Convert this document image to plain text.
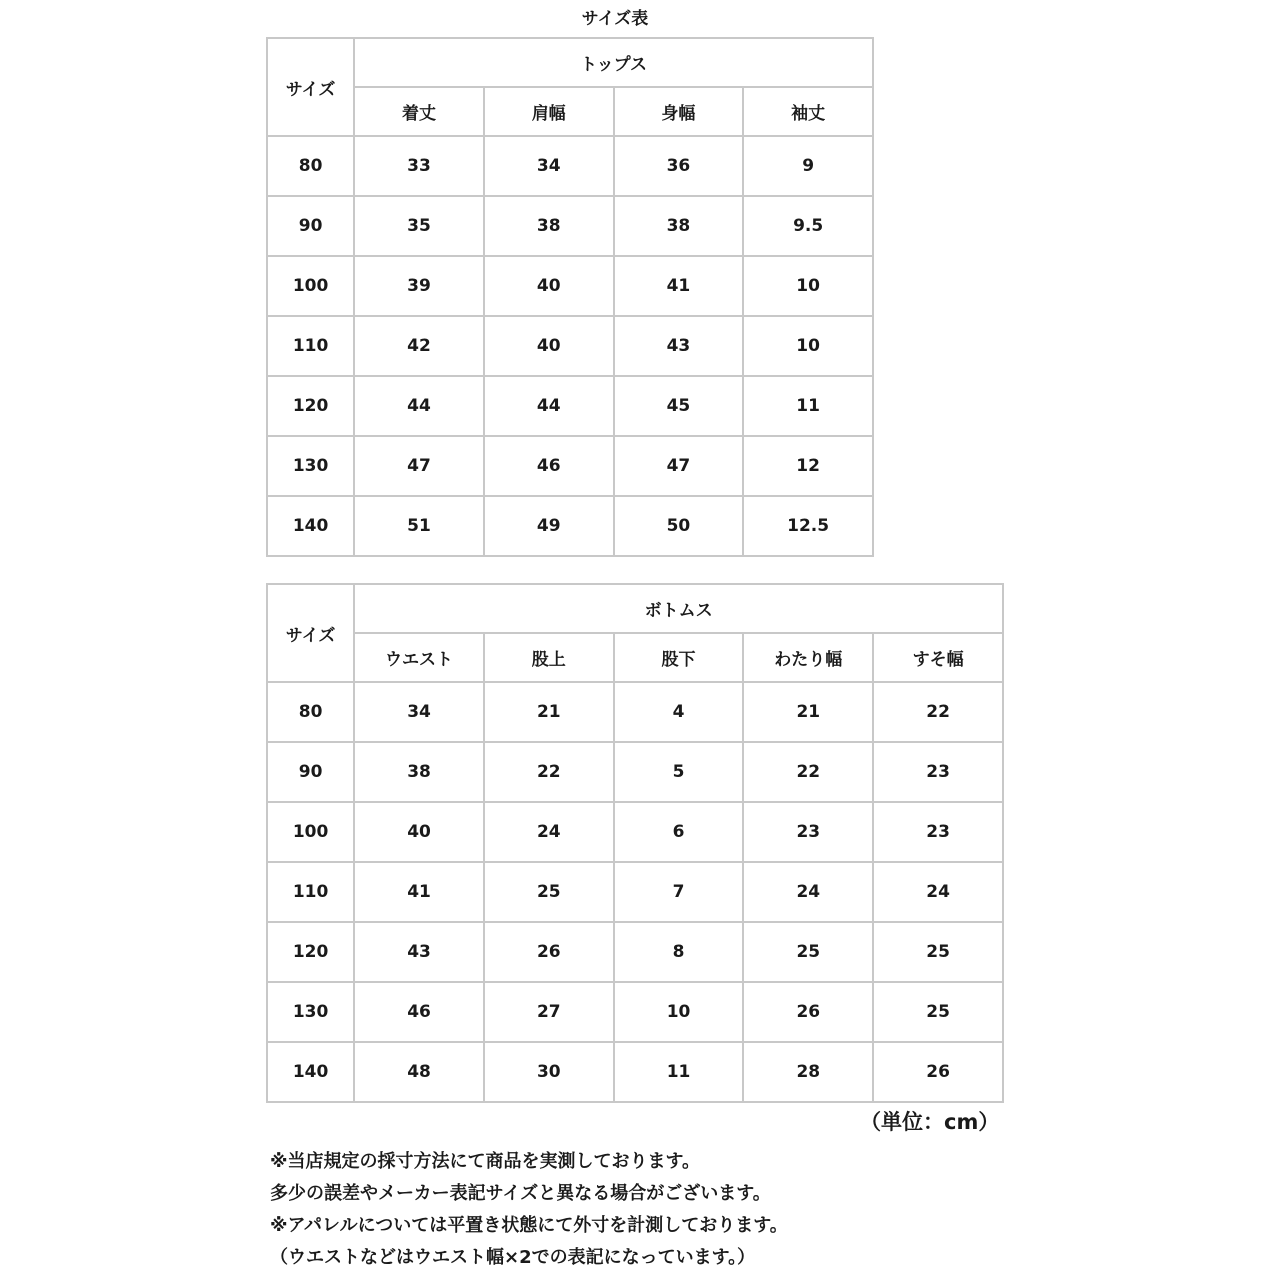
サイズ表
サイズ	トップス			
	着丈	肩幅	身幅	袖丈
80	33	34	36	9
90	35	38	38	9.5
100	39	40	41	10
110	42	40	43	10
120	44	44	45	11
130	47	46	47	12
140	51	49	50	12.5
サイズ	ボトムス				
	ウエスト	股上	股下	わたり幅	すそ幅
80	34	21	4	21	22
90	38	22	5	22	23
100	40	24	6	23	23
110	41	25	7	24	24
120	43	26	8	25	25
130	46	27	10	26	25
140	48	30	11	28	26
（単位：cm）
※当店規定の採寸方法にて商品を実測しております。
多少の誤差やメーカー表記サイズと異なる場合がございます。
※アパレルについては平置き状態にて外寸を計測しております。
（ウエストなどはウエスト幅×2での表記になっています。）
